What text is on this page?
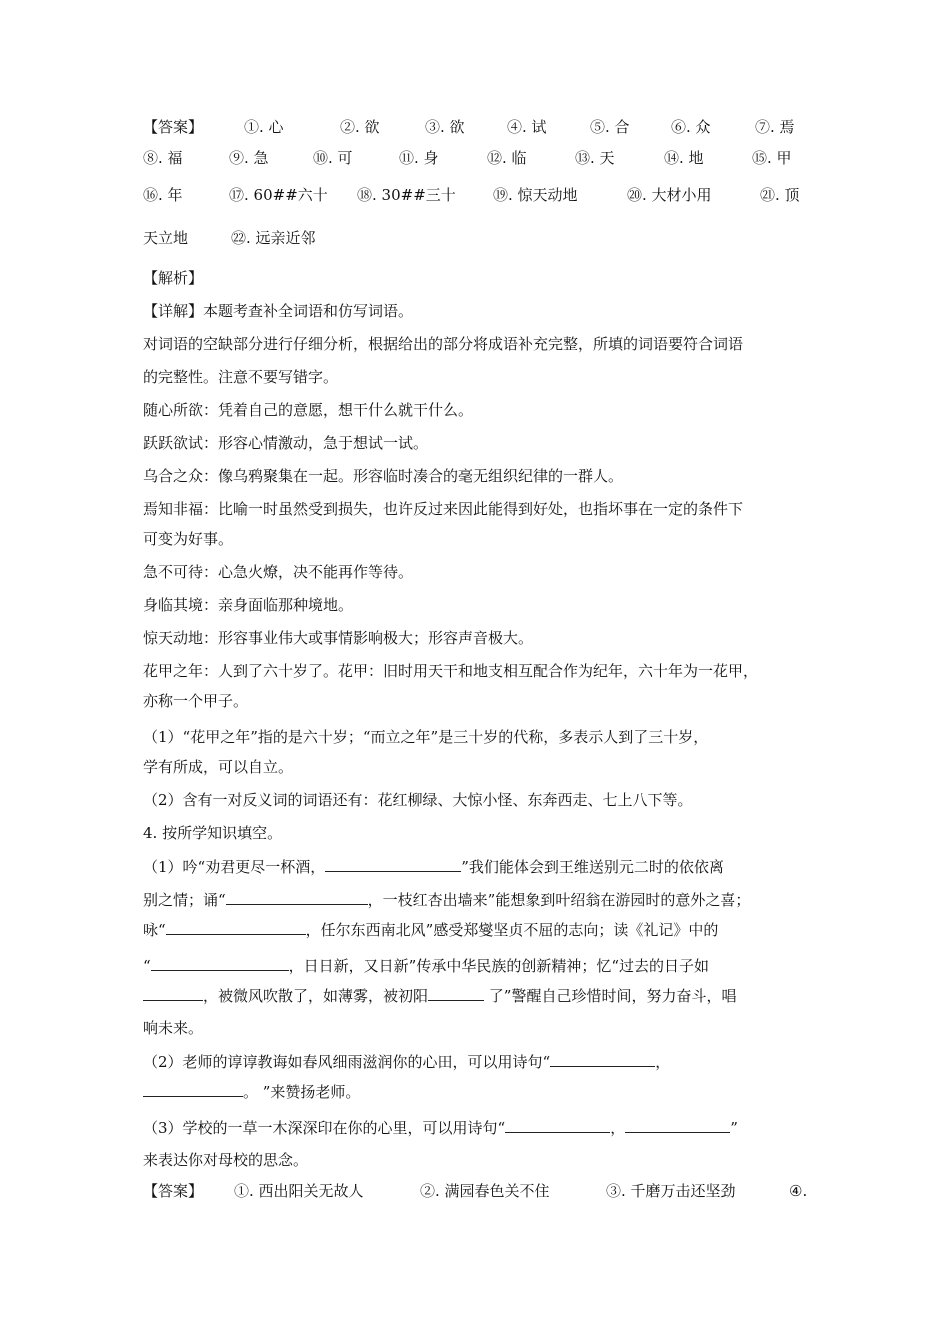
【答案】	①. 心	②. 欲	③. 欲	④. 试	⑤. 合	⑥. 众	⑦. 焉
⑧. 福	⑨. 急	⑩. 可	⑪. 身	⑫. 临	⑬. 天	⑭. 地	⑮. 甲
⑯. 年	⑰. 60##六十 ⑱. 30##三十 ⑲. 惊天动地	⑳. 大材小用	㉑. 顶
天立地	㉒. 远亲近邻
【解析】
【详解】本题考查补全词语和仿写词语。
对词语的空缺部分进行仔细分析，根据给出的部分将成语补充完整，所填的词语要符合词语
的完整性。注意不要写错字。
随心所欲：凭着自己的意愿，想干什么就干什么。
跃跃欲试：形容心情激动，急于想试一试。
乌合之众：像乌鸦聚集在一起。形容临时凑合的毫无组织纪律的一群人。
焉知非福：比喻一时虽然受到损失，也许反过来因此能得到好处，也指坏事在一定的条件下
可变为好事。
急不可待：心急火燎，决不能再作等待。
身临其境：亲身面临那种境地。
惊天动地：形容事业伟大或事情影响极大；形容声音极大。
花甲之年：人到了六十岁了。花甲：旧时用天干和地支相互配合作为纪年，六十年为一花甲，
亦称一个甲子。
（1）“花甲之年”指的是六十岁；“而立之年”是三十岁的代称，多表示人到了三十岁，
学有所成，可以自立。
（2）含有一对反义词的词语还有：花红柳绿、大惊小怪、东奔西走、七上八下等。
4. 按所学知识填空。
（1）吟“劝君更尽一杯酒，	”我们能体会到王维送别元二时的依依离
别之情；诵“	，一枝红杏出墙来”能想象到叶绍翁在游园时的意外之喜；
咏“	，任尔东西南北风”感受郑燮坚贞不屈的志向；读《礼记》中的
“	，日日新，又日新”传承中华民族的创新精神；忆“过去的日子如
，被微风吹散了，如薄雾，被初阳	了”警醒自己珍惜时间，努力奋斗，唱
响未来。
（2）老师的谆谆教诲如春风细雨滋润你的心田，可以用诗句“	，
。 ”来赞扬老师。
（3）学校的一草一木深深印在你的心里，可以用诗句“	，	”
来表达你对母校的思念。
【答案】 ①. 西出阳关无故人	②. 满园春色关不住	③. 千磨万击还坚劲	④.
